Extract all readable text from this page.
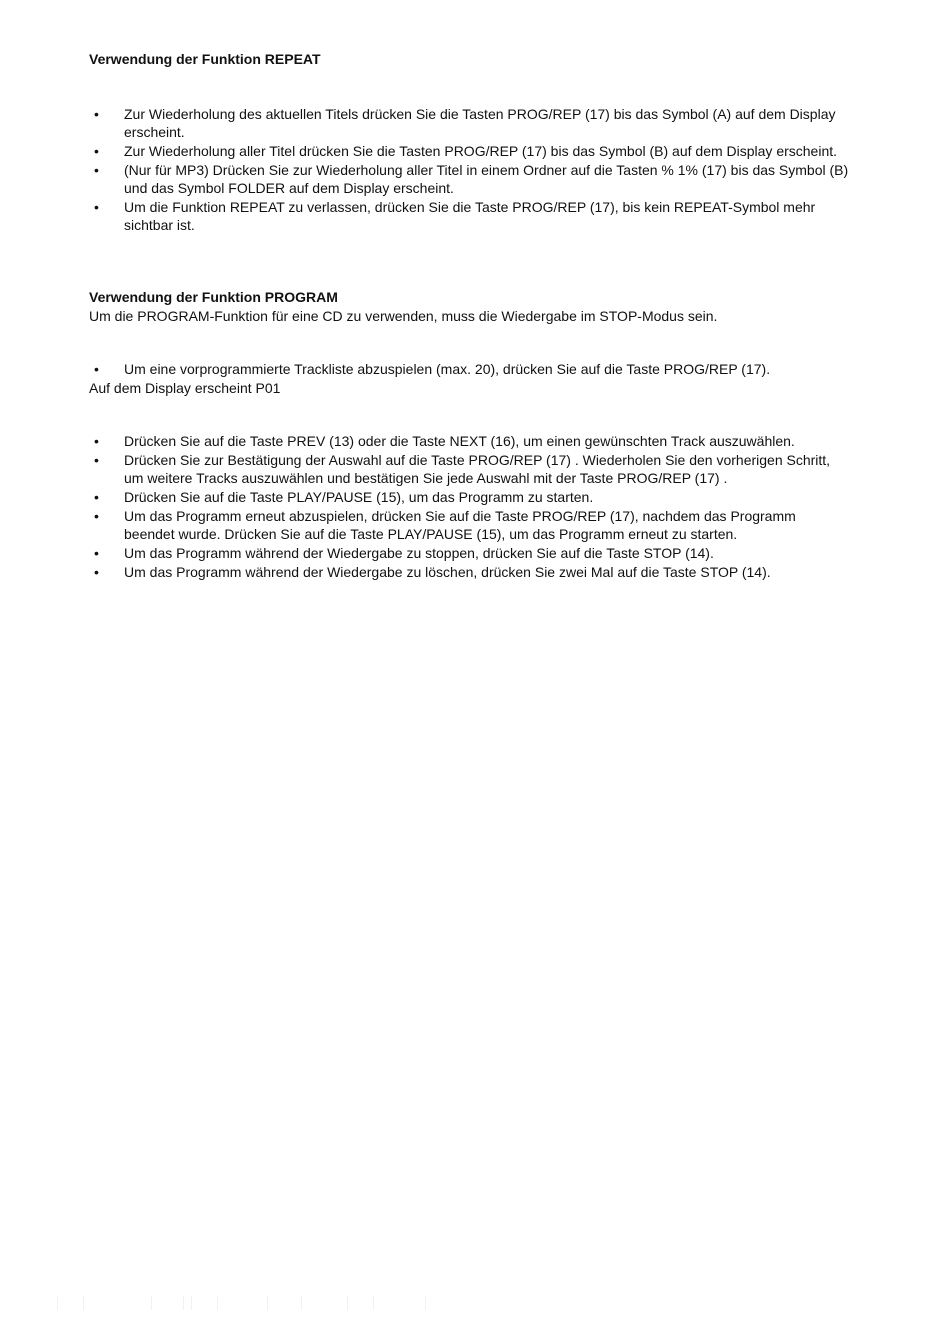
Verwendung der Funktion REPEAT
•	Zur Wiederholung des aktuellen Titels drücken Sie die Tasten PROG/REP (17) bis das Symbol (A) auf dem Display erscheint.
•	Zur Wiederholung aller Titel drücken Sie die Tasten PROG/REP (17) bis das Symbol (B) auf dem Display erscheint.
•	(Nur für MP3) Drücken Sie zur Wiederholung aller Titel in einem Ordner auf die Tasten % 1% (17) bis das Symbol (B) und das Symbol FOLDER auf dem Display erscheint.
•	Um die Funktion REPEAT zu verlassen, drücken Sie die Taste PROG/REP (17), bis kein REPEAT-Symbol mehr sichtbar ist.
Verwendung der Funktion PROGRAM

Um die PROGRAM-Funktion für eine CD zu verwenden, muss die Wiedergabe im STOP-Modus sein.

• Um eine vorprogrammierte Trackliste abzuspielen (max. 20), drücken Sie auf die Taste PROG/REP (17).

Auf dem Display erscheint P01

•	Drücken Sie auf die Taste PREV (13) oder die Taste NEXT (16), um einen gewünschten Track auszuwählen.
•	Drücken Sie zur Bestätigung der Auswahl auf die Taste PROG/REP (17) . Wiederholen Sie den vorherigen Schritt, um weitere Tracks auszuwählen und bestätigen Sie jede Auswahl mit der Taste PROG/REP (17) .
•	Drücken Sie auf die Taste PLAY/PAUSE (15), um das Programm zu starten.
•	Um das Programm erneut abzuspielen, drücken Sie auf die Taste PROG/REP (17), nachdem das Programm beendet wurde. Drücken Sie auf die Taste PLAY/PAUSE (15), um das Programm erneut zu starten.
•	Um das Programm während der Wiedergabe zu stoppen, drücken Sie auf die Taste STOP (14).
•	Um das Programm während der Wiedergabe zu löschen, drücken Sie zwei Mal auf die Taste STOP (14).
